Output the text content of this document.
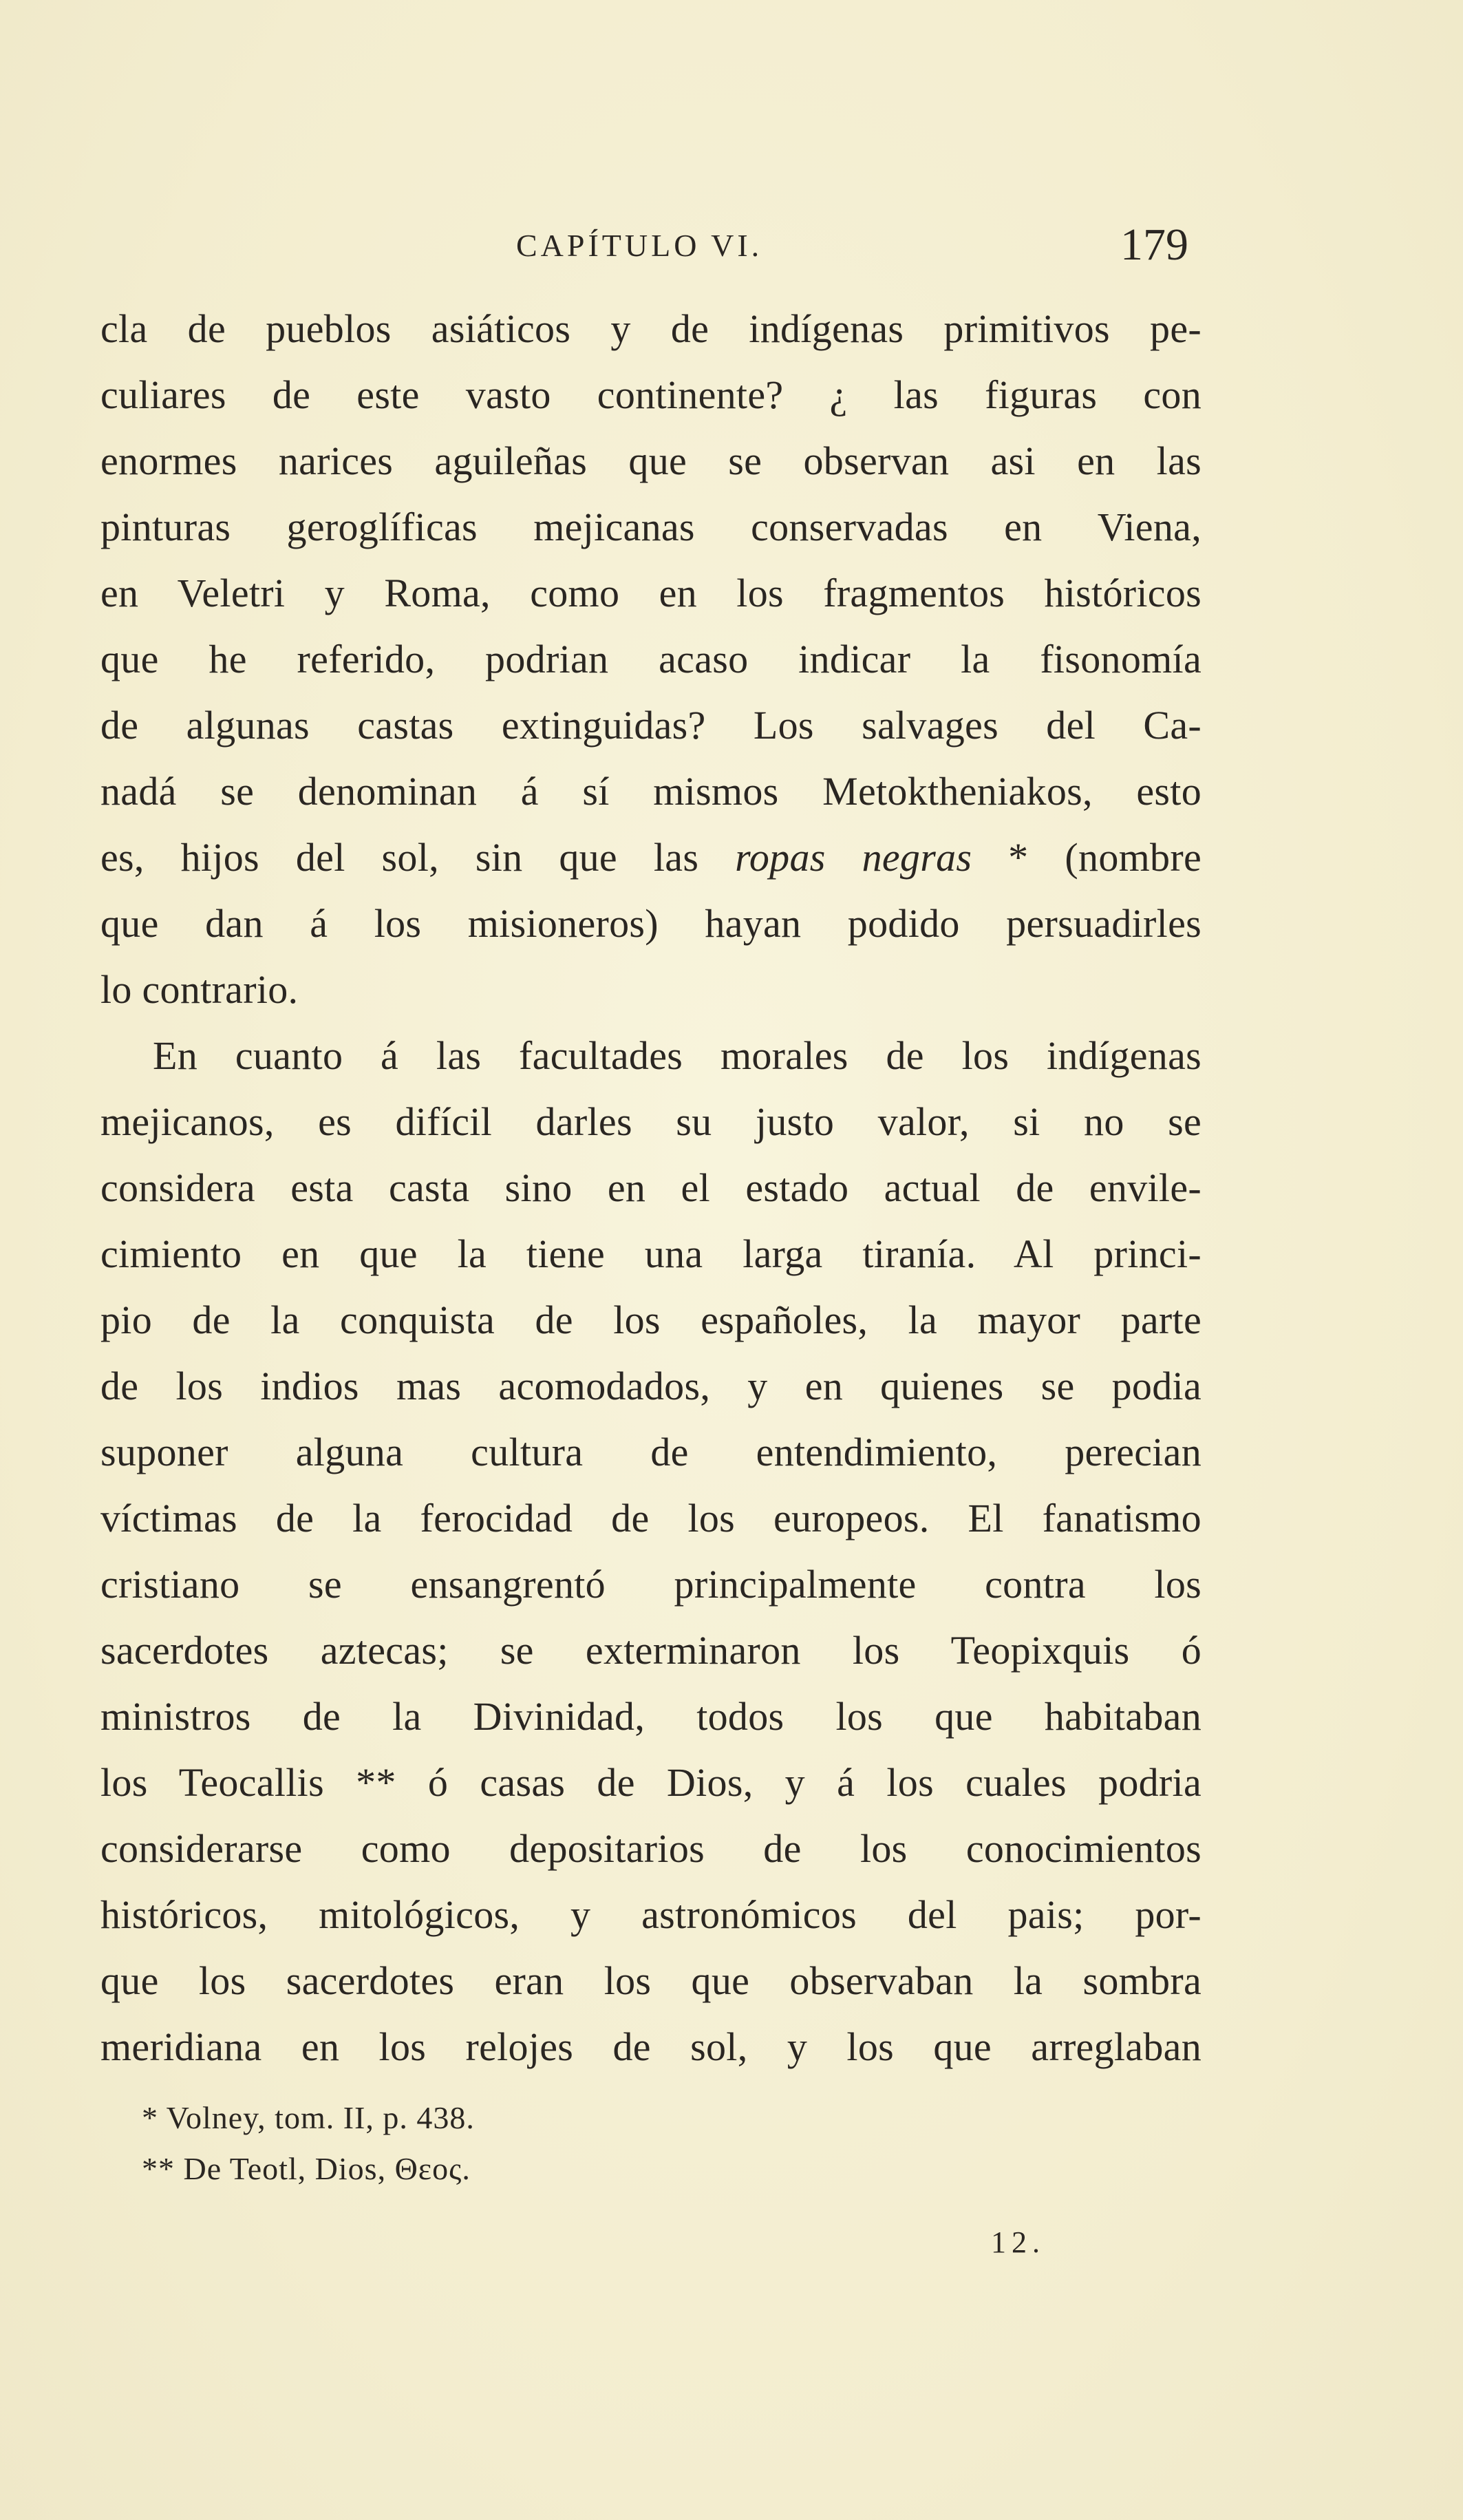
CAPÍTULO VI.	179
cla de pueblos asiáticos y de indígenas primitivos pe-
culiares de este vasto continente? ¿ las figuras con
enormes narices aguileñas que se observan asi en las
pinturas geroglíficas mejicanas conservadas en Viena,
en Veletri y Roma, como en los fragmentos históricos
que he referido, podrian acaso indicar la fisonomía
de algunas castas extinguidas? Los salvages del Ca-
nadá se denominan á sí mismos Metoktheniakos, esto
es, hijos del sol, sin que las ropas negras * (nombre
que dan á los misioneros) hayan podido persuadirles
lo contrario.
En cuanto á las facultades morales de los indígenas
mejicanos, es difícil darles su justo valor, si no se
considera esta casta sino en el estado actual de envile-
cimiento en que la tiene una larga tiranía. Al princi-
pio de la conquista de los españoles, la mayor parte
de los indios mas acomodados, y en quienes se podia
suponer alguna cultura de entendimiento, perecian
víctimas de la ferocidad de los europeos. El fanatismo
cristiano se ensangrentó principalmente contra los
sacerdotes aztecas; se exterminaron los Teopixquis ó
ministros de la Divinidad, todos los que habitaban
los Teocallis ** ó casas de Dios, y á los cuales podria
considerarse como depositarios de los conocimientos
históricos, mitológicos, y astronómicos del pais; por-
que los sacerdotes eran los que observaban la sombra
meridiana en los relojes de sol, y los que arreglaban
* Volney, tom. II, p. 438.
** De Teotl, Dios, Θεος.
12.
